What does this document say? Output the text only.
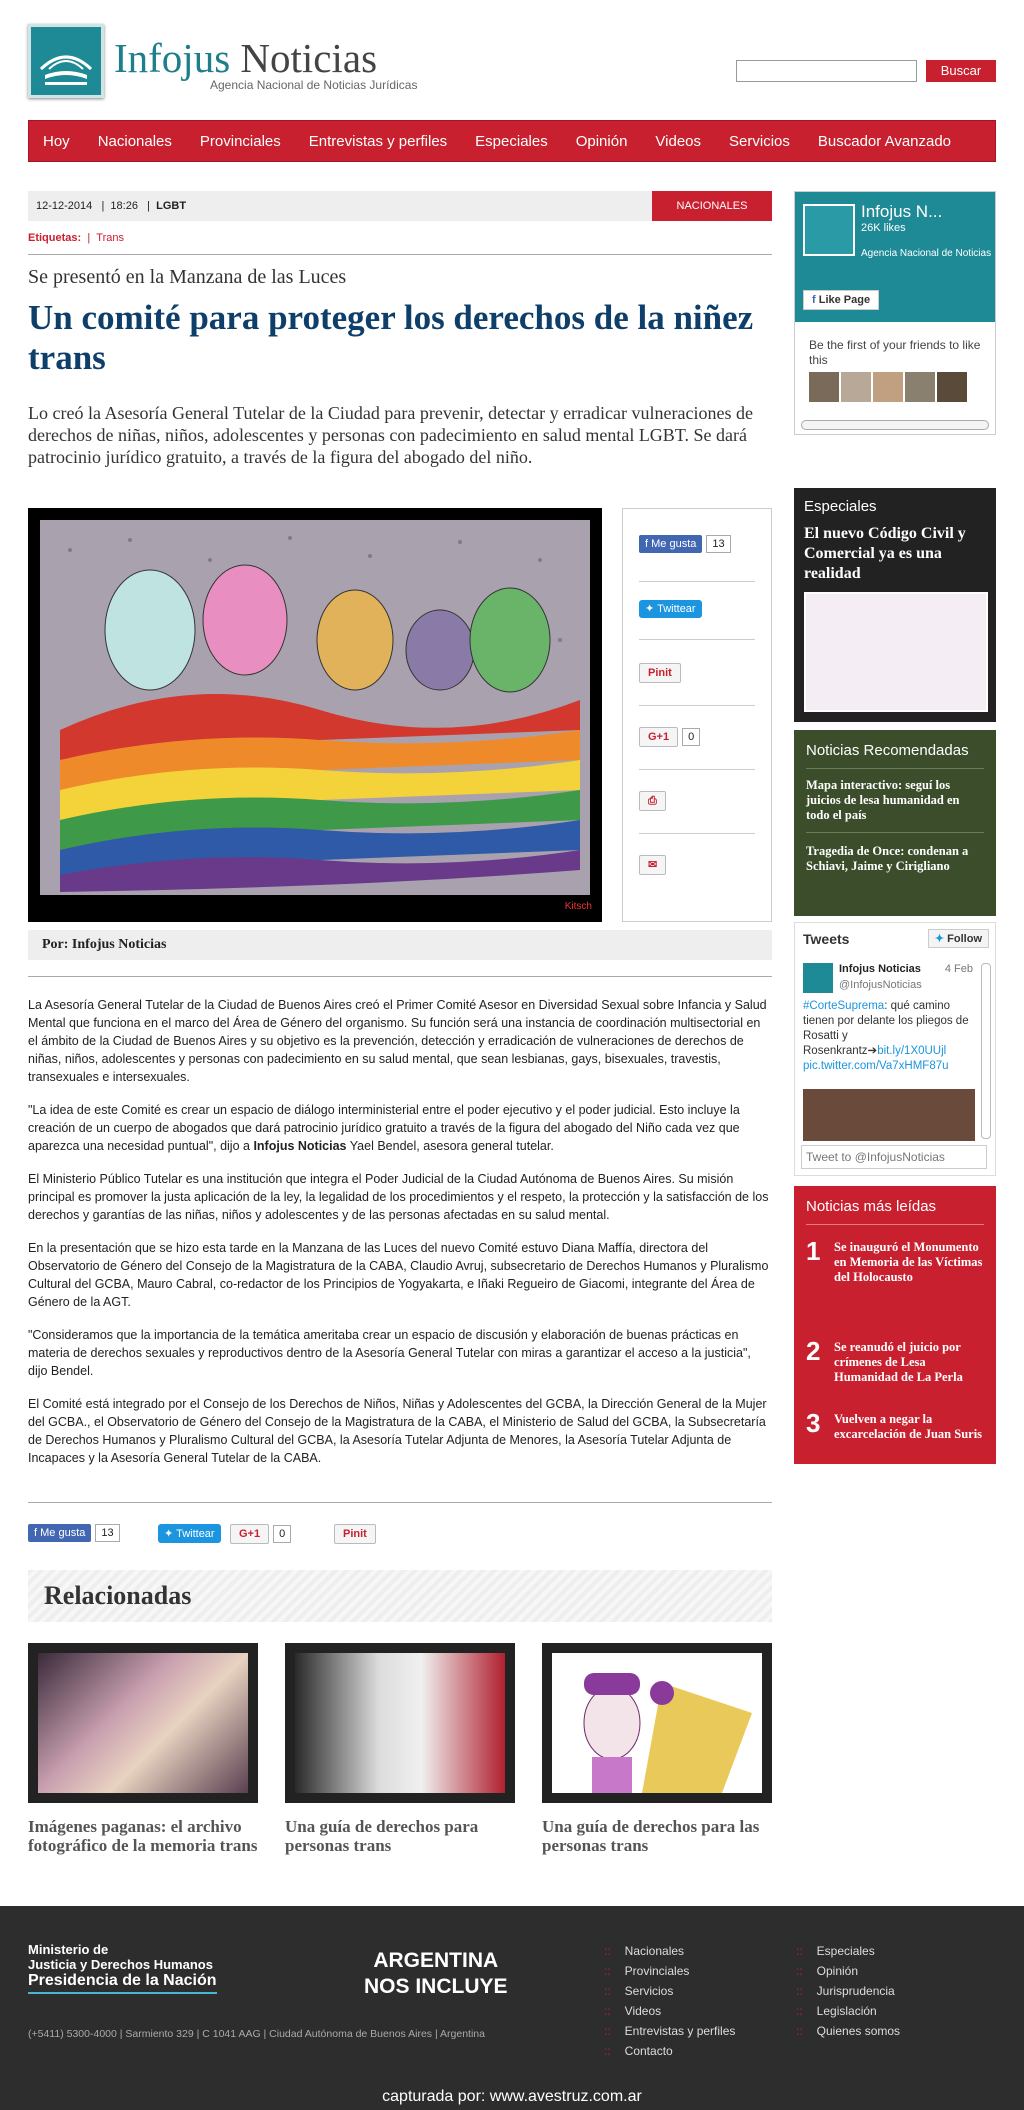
Infojus Noticias
Agencia Nacional de Noticias Jurídicas
Buscar
Hoy	Nacionales	Provinciales	Entrevistas y perfiles	Especiales	Opinión	Videos	Servicios	Buscador Avanzado
12-12-2014   |  18:26   |  LGBT	NACIONALES
Etiquetas: | Trans
Se presentó en la Manzana de las Luces
Un comité para proteger los derechos de la niñez trans
Lo creó la Asesoría General Tutelar de la Ciudad para prevenir, detectar y erradicar vulneraciones de derechos de niñas, niños, adolescentes y personas con padecimiento en salud mental LGBT. Se dará patrocinio jurídico gratuito, a través de la figura del abogado del niño.
Kitsch
f Me gusta	13
✦ Twittear
Pinit
G+1	0
⎙
✉
Por: Infojus Noticias

La Asesoría General Tutelar de la Ciudad de Buenos Aires creó el Primer Comité Asesor en Diversidad Sexual sobre Infancia y Salud Mental que funciona en el marco del Área de Género del organismo. Su función será una instancia de coordinación multisectorial en el ámbito de la Ciudad de Buenos Aires y su objetivo es la prevención, detección y erradicación de vulneraciones de derechos de niñas, niños, adolescentes y personas con padecimiento en su salud mental, que sean lesbianas, gays, bisexuales, travestis, transexuales e intersexuales.

"La idea de este Comité es crear un espacio de diálogo interministerial entre el poder ejecutivo y el poder judicial. Esto incluye la creación de un cuerpo de abogados que dará patrocinio jurídico gratuito a través de la figura del abogado del Niño cada vez que aparezca una necesidad puntual", dijo a Infojus Noticias Yael Bendel, asesora general tutelar.

El Ministerio Público Tutelar es una institución que integra el Poder Judicial de la Ciudad Autónoma de Buenos Aires. Su misión principal es promover la justa aplicación de la ley, la legalidad de los procedimientos y el respeto, la protección y la satisfacción de los derechos y garantías de las niñas, niños y adolescentes y de las personas afectadas en su salud mental.

En la presentación que se hizo esta tarde en la Manzana de las Luces del nuevo Comité estuvo Diana Maffía, directora del Observatorio de Género del Consejo de la Magistratura de la CABA, Claudio Avruj, subsecretario de Derechos Humanos y Pluralismo Cultural del GCBA, Mauro Cabral, co-redactor de los Principios de Yogyakarta, e Iñaki Regueiro de Giacomi, integrante del Área de Género de la AGT.

"Consideramos que la importancia de la temática ameritaba crear un espacio de discusión y elaboración de buenas prácticas en materia de derechos sexuales y reproductivos dentro de la Asesoría General Tutelar con miras a garantizar el acceso a la justicia", dijo Bendel.

El Comité está integrado por el Consejo de los Derechos de Niños, Niñas y Adolescentes del GCBA, la Dirección General de la Mujer del GCBA., el Observatorio de Género del Consejo de la Magistratura de la CABA, el Ministerio de Salud del GCBA, la Subsecretaría de Derechos Humanos y Pluralismo Cultural del GCBA, la Asesoría Tutelar Adjunta de Menores, la Asesoría Tutelar Adjunta de Incapaces y la Asesoría General Tutelar de la CABA.

f Me gusta	13	✦ Twittear	G+1	0	Pinit
Relacionadas
Imágenes paganas: el archivo fotográfico de la memoria trans
Una guía de derechos para personas trans
Una guía de derechos para las personas trans
Infojus N...
26K likes
Agencia Nacional de Noticias
f Like Page
Be the first of your friends to like this
Especiales
El nuevo Código Civil y Comercial ya es una realidad
Noticias Recomendadas
Mapa interactivo: seguí los juicios de lesa humanidad en todo el país
Tragedia de Once: condenan a Schiavi, Jaime y Cirigliano
Tweets	✦ Follow
Infojus Noticias
@InfojusNoticias
4 Feb
#CorteSuprema: qué camino tienen por delante los pliegos de Rosatti y Rosenkrantz➔bit.ly/1X0UUjl pic.twitter.com/Va7xHMF87u
Tweet to @InfojusNoticias
Noticias más leídas
1 Se inauguró el Monumento en Memoria de las Víctimas del Holocausto
2 Se reanudó el juicio por crímenes de Lesa Humanidad de La Perla
3 Vuelven a negar la excarcelación de Juan Suris
Ministerio de
Justicia y Derechos Humanos
Presidencia de la Nación
ARGENTINA
NOS INCLUYE
(+5411) 5300-4000 | Sarmiento 329 | C 1041 AAG | Ciudad Autónoma de Buenos Aires | Argentina
:: Nacionales
:: Provinciales
:: Servicios
:: Videos
:: Entrevistas y perfiles
:: Contacto
:: Especiales
:: Opinión
:: Jurisprudencia
:: Legislación
:: Quienes somos
capturada por: www.avestruz.com.ar
